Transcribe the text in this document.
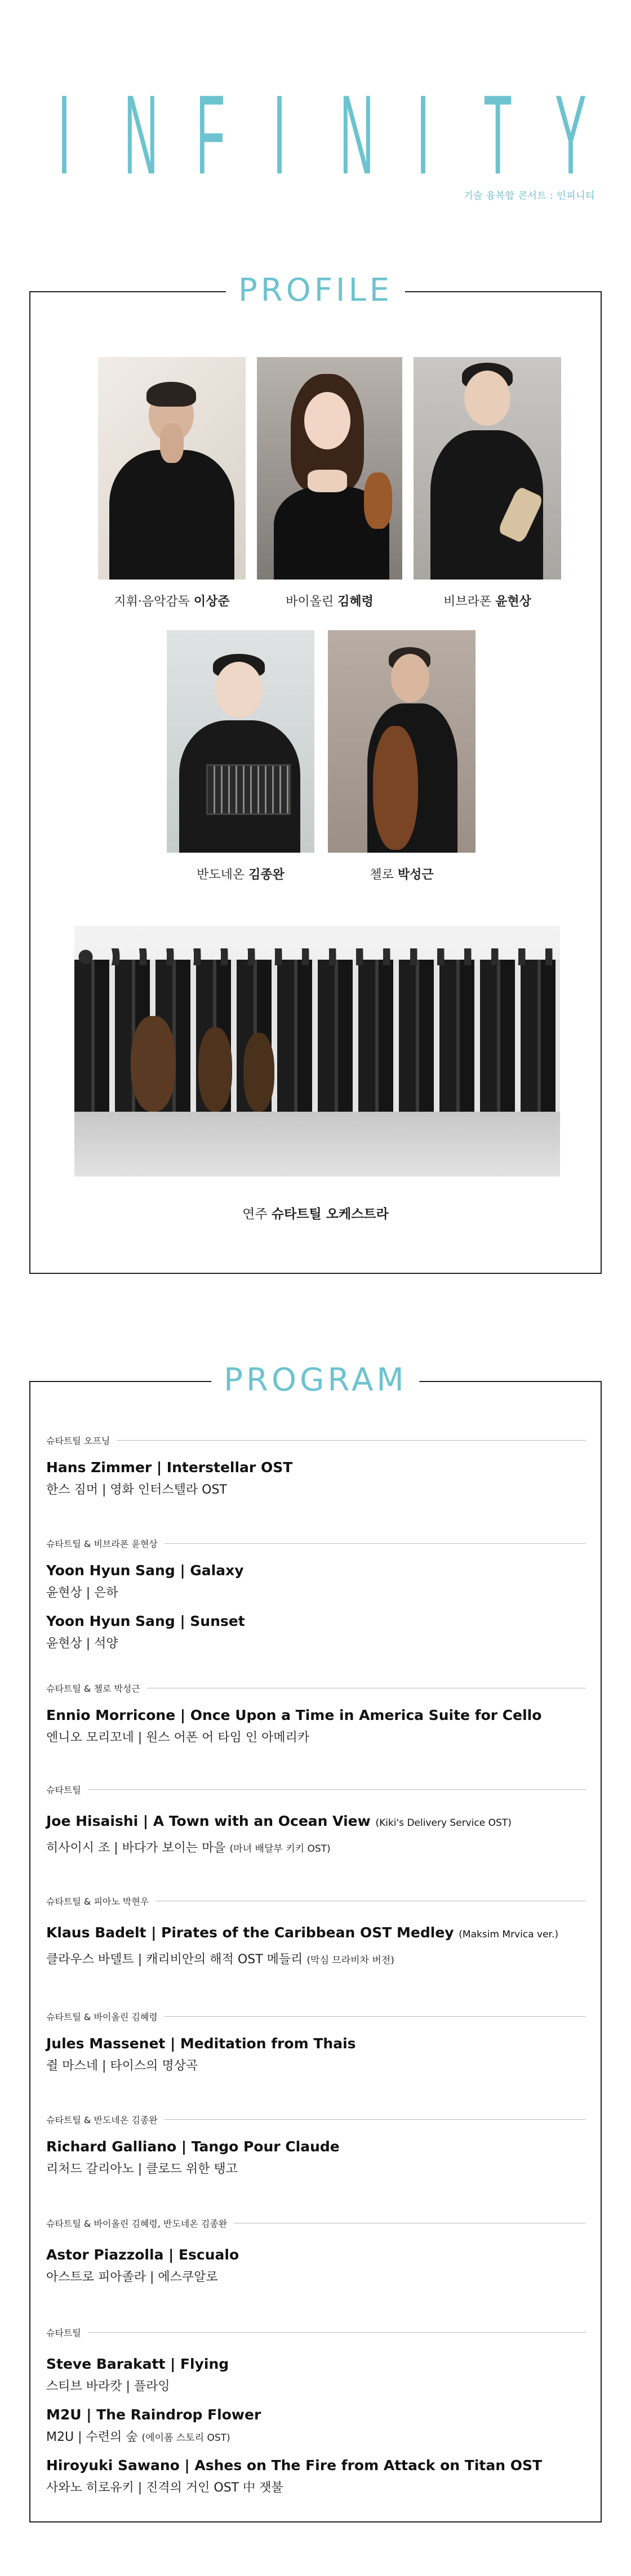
I N F I N I T Y
기술 융복합 콘서트 : 인피니티
PROFILE
지휘·음악감독 이상준	바이올린 김혜령	비브라폰 윤현상
반도네온 김종완	첼로 박성근
연주 슈타트틸 오케스트라
PROGRAM
슈타트틸 오프닝
Hans Zimmer | Interstellar OST
한스 짐머 | 영화 인터스텔라 OST
슈타트틸 & 비브라폰 윤현상
Yoon Hyun Sang | Galaxy
윤현상 | 은하
Yoon Hyun Sang | Sunset
윤현상 | 석양
슈타트틸 & 첼로 박성근
Ennio Morricone | Once Upon a Time in America Suite for Cello
엔니오 모리꼬네 | 원스 어폰 어 타임 인 아메리카
슈타트틸
Joe Hisaishi | A Town with an Ocean View (Kiki's Delivery Service OST)
히사이시 조 | 바다가 보이는 마을 (마녀 배달부 키키 OST)
슈타트틸 & 피아노 박현우
Klaus Badelt | Pirates of the Caribbean OST Medley (Maksim Mrvica ver.)
클라우스 바델트 | 캐리비안의 해적 OST 메들리 (막심 므라비차 버전)
슈타트틸 & 바이올린 김혜령
Jules Massenet | Meditation from Thais
쥘 마스네 | 타이스의 명상곡
슈타트틸 & 반도네온 김종완
Richard Galliano | Tango Pour Claude
리처드 갈리아노 | 클로드 위한 탱고
슈타트틸 & 바이올린 김혜령, 반도네온 김종완
Astor Piazzolla | Escualo
아스트로 피아졸라 | 에스쿠알로
슈타트틸
Steve Barakatt | Flying
스티브 바라캇 | 플라잉
M2U | The Raindrop Flower
M2U | 수련의 숲 (에이폼 스토리 OST)
Hiroyuki Sawano | Ashes on The Fire from Attack on Titan OST
사와노 히로유키 | 진격의 거인 OST 中 잿불
